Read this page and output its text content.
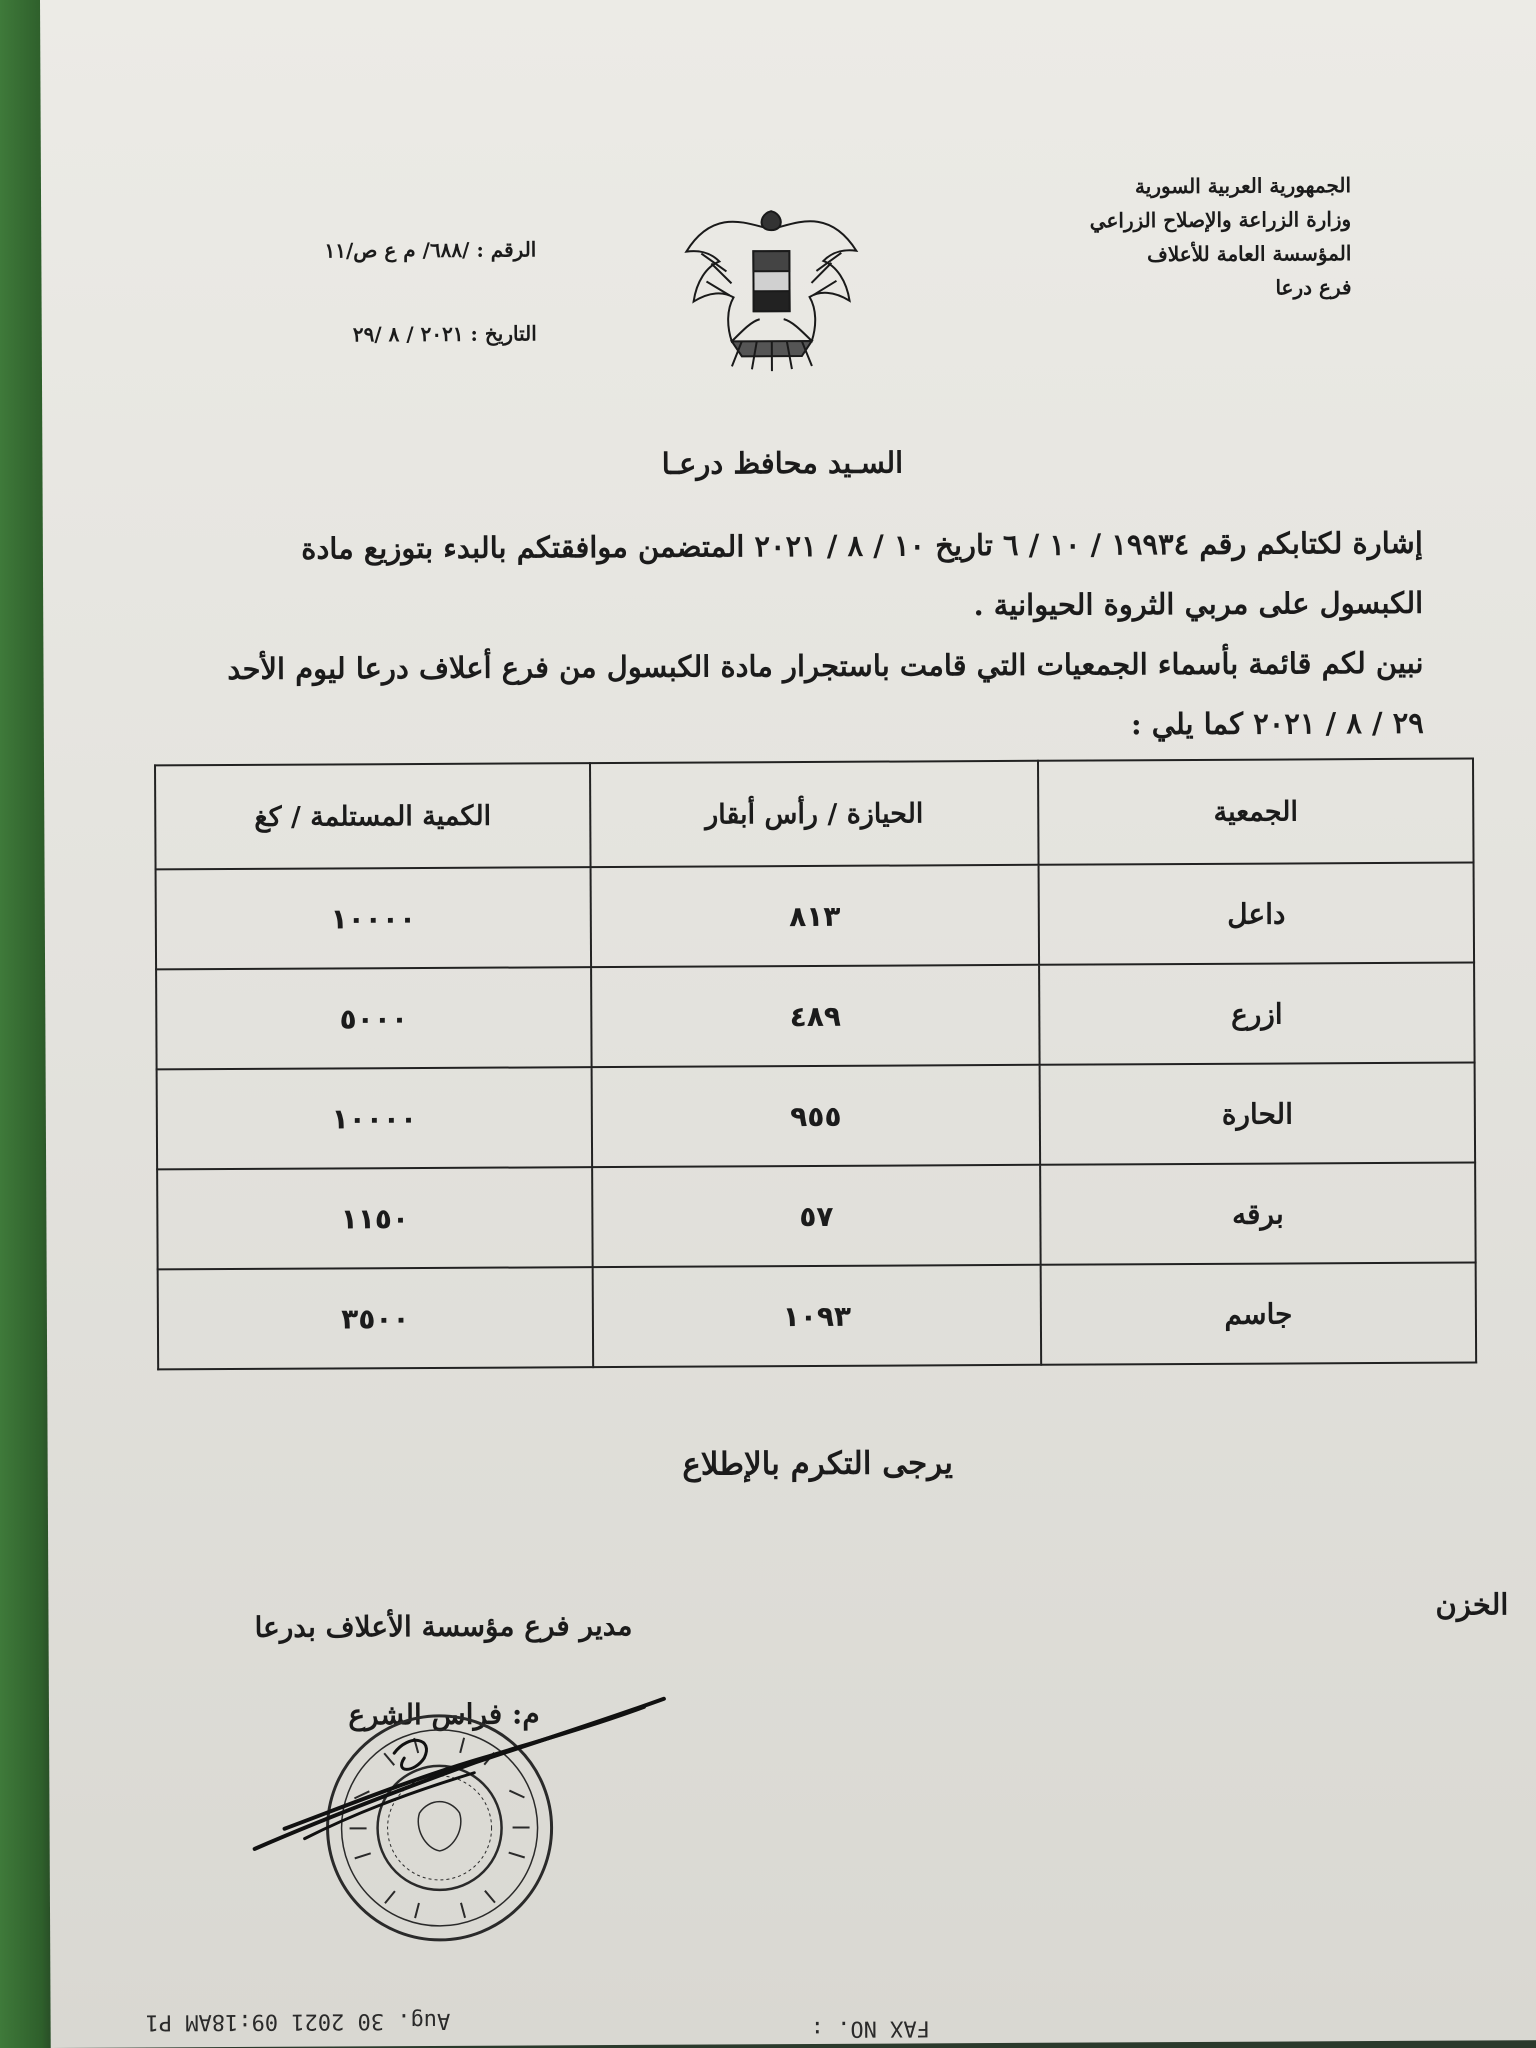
الجمهورية العربية السورية
وزارة الزراعة والإصلاح الزراعي
المؤسسة العامة للأعلاف
فرع درعا
الرقم : /٦٨٨/ م ع ص/١١
التاريخ : ٢٠٢١ / ٨ /٢٩
السـيد محافظ درعـا

إشارة لكتابكم رقم ١٩٩٣٤ / ١٠ / ٦ تاريخ ١٠ / ٨ / ٢٠٢١ المتضمن موافقتكم بالبدء بتوزيع مادة الكبسول على مربي الثروة الحيوانية .

نبين لكم قائمة بأسماء الجمعيات التي قامت باستجرار مادة الكبسول من فرع أعلاف درعا ليوم الأحد ٢٩ / ٨ / ٢٠٢١ كما يلي :

الجمعية	الحيازة / رأس أبقار	الكمية المستلمة / كغ
داعل	٨١٣	١٠٠٠٠
ازرع	٤٨٩	٥٠٠٠
الحارة	٩٥٥	١٠٠٠٠
برقه	٥٧	١١٥٠
جاسم	١٠٩٣	٣٥٠٠
يرجى التكرم بالإطلاع
الخزن
مدير فرع مؤسسة الأعلاف بدرعا
م: فراس الشرع
Aug. 30 2021 09:18AM P1	FAX NO. :
